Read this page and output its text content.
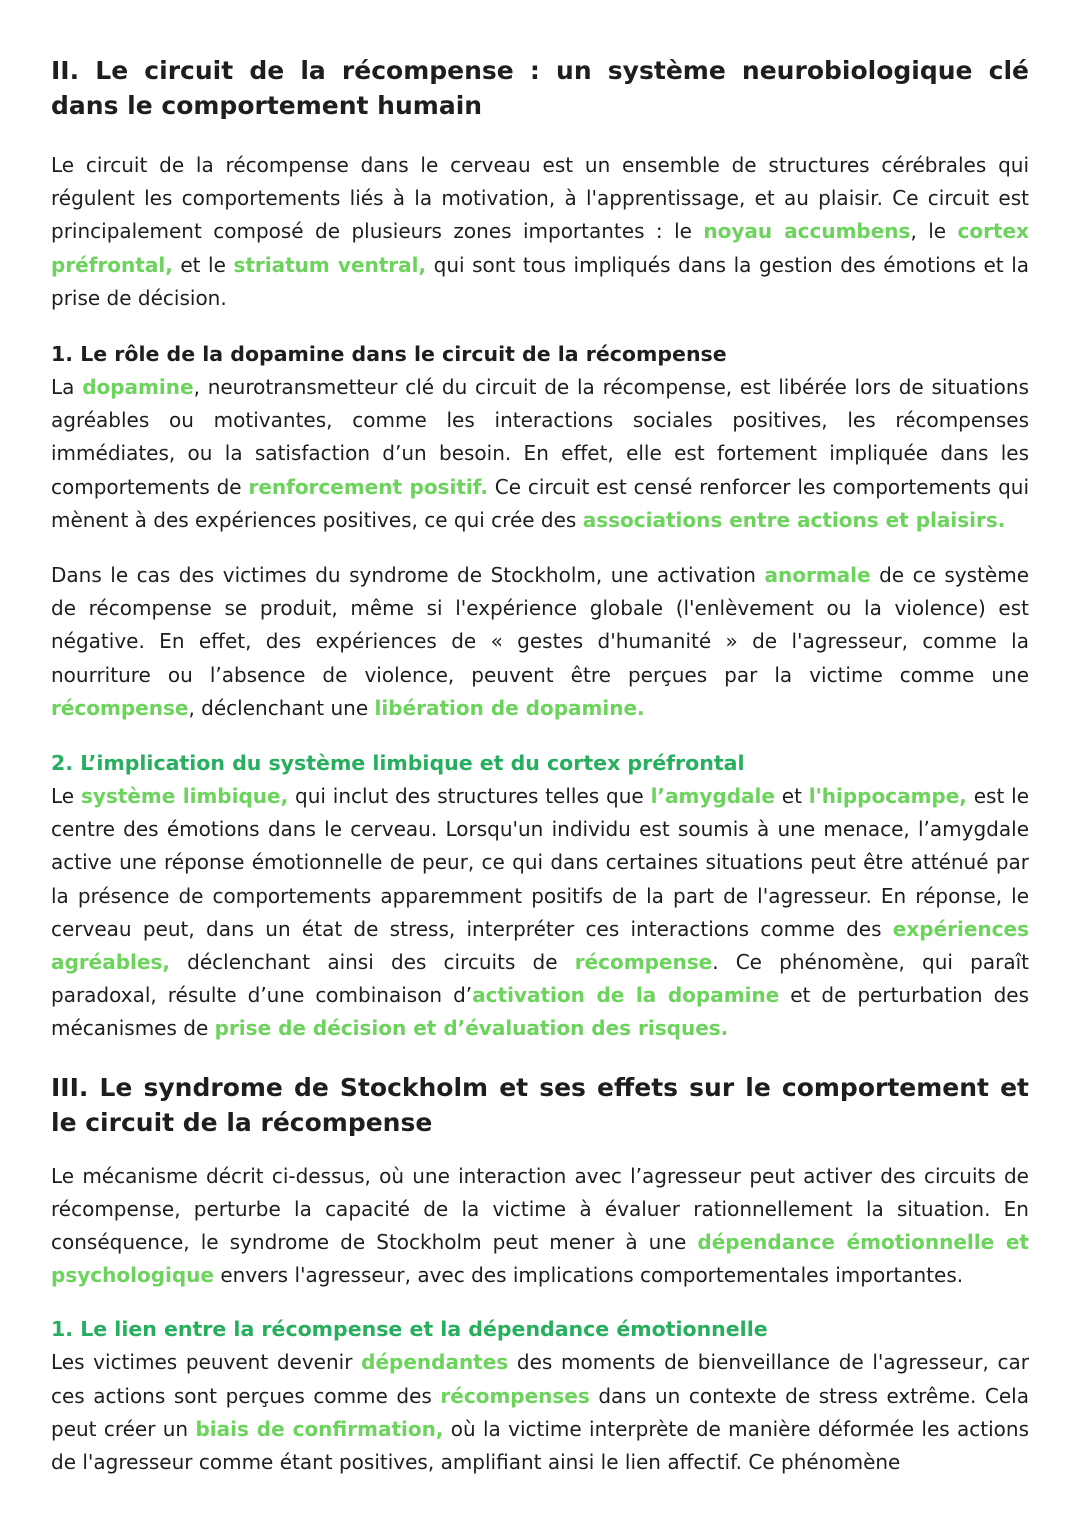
II. Le circuit de la récompense : un système neurobiologique clé dans le comportement humain

Le circuit de la récompense dans le cerveau est un ensemble de structures cérébrales qui régulent les comportements liés à la motivation, à l'apprentissage, et au plaisir. Ce circuit est principalement composé de plusieurs zones importantes : le noyau accumbens, le cortex préfrontal, et le striatum ventral, qui sont tous impliqués dans la gestion des émotions et la prise de décision.

1. Le rôle de la dopamine dans le circuit de la récompense

La dopamine, neurotransmetteur clé du circuit de la récompense, est libérée lors de situations agréables ou motivantes, comme les interactions sociales positives, les récompenses immédiates, ou la satisfaction d’un besoin. En effet, elle est fortement impliquée dans les comportements de renforcement positif. Ce circuit est censé renforcer les comportements qui mènent à des expériences positives, ce qui crée des associations entre actions et plaisirs.

Dans le cas des victimes du syndrome de Stockholm, une activation anormale de ce système de récompense se produit, même si l'expérience globale (l'enlèvement ou la violence) est négative. En effet, des expériences de « gestes d'humanité » de l'agresseur, comme la nourriture ou l’absence de violence, peuvent être perçues par la victime comme une récompense, déclenchant une libération de dopamine.

2. L’implication du système limbique et du cortex préfrontal

Le système limbique, qui inclut des structures telles que l’amygdale et l'hippocampe, est le centre des émotions dans le cerveau. Lorsqu'un individu est soumis à une menace, l’amygdale active une réponse émotionnelle de peur, ce qui dans certaines situations peut être atténué par la présence de comportements apparemment positifs de la part de l'agresseur. En réponse, le cerveau peut, dans un état de stress, interpréter ces interactions comme des expériences agréables, déclenchant ainsi des circuits de récompense. Ce phénomène, qui paraît paradoxal, résulte d’une combinaison d’activation de la dopamine et de perturbation des mécanismes de prise de décision et d’évaluation des risques.

III. Le syndrome de Stockholm et ses effets sur le comportement et le circuit de la récompense

Le mécanisme décrit ci-dessus, où une interaction avec l’agresseur peut activer des circuits de récompense, perturbe la capacité de la victime à évaluer rationnellement la situation. En conséquence, le syndrome de Stockholm peut mener à une dépendance émotionnelle et psychologique envers l'agresseur, avec des implications comportementales importantes.

1. Le lien entre la récompense et la dépendance émotionnelle

Les victimes peuvent devenir dépendantes des moments de bienveillance de l'agresseur, car ces actions sont perçues comme des récompenses dans un contexte de stress extrême. Cela peut créer un biais de confirmation, où la victime interprète de manière déformée les actions de l'agresseur comme étant positives, amplifiant ainsi le lien affectif. Ce phénomène
